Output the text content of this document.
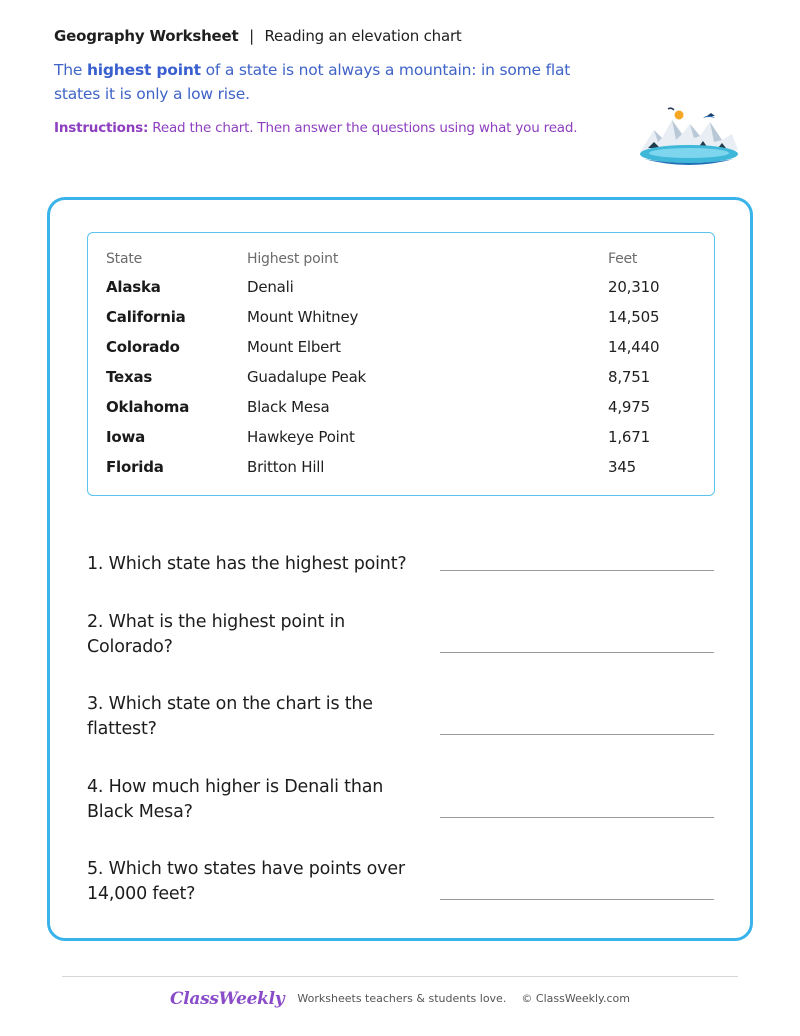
Geography Worksheet | Reading an elevation chart

The highest point of a state is not always a mountain: in some flat states it is only a low rise.

Instructions: Read the chart. Then answer the questions using what you read.

State	Highest point	Feet
Alaska	Denali	20,310
California	Mount Whitney	14,505
Colorado	Mount Elbert	14,440
Texas	Guadalupe Peak	8,751
Oklahoma	Black Mesa	4,975
Iowa	Hawkeye Point	1,671
Florida	Britton Hill	345

1. Which state has the highest point?

2. What is the highest point in Colorado?

3. Which state on the chart is the flattest?

4. How much higher is Denali than Black Mesa?

5. Which two states have points over 14,000 feet?

ClassWeekly Worksheets teachers & students love. © ClassWeekly.com
